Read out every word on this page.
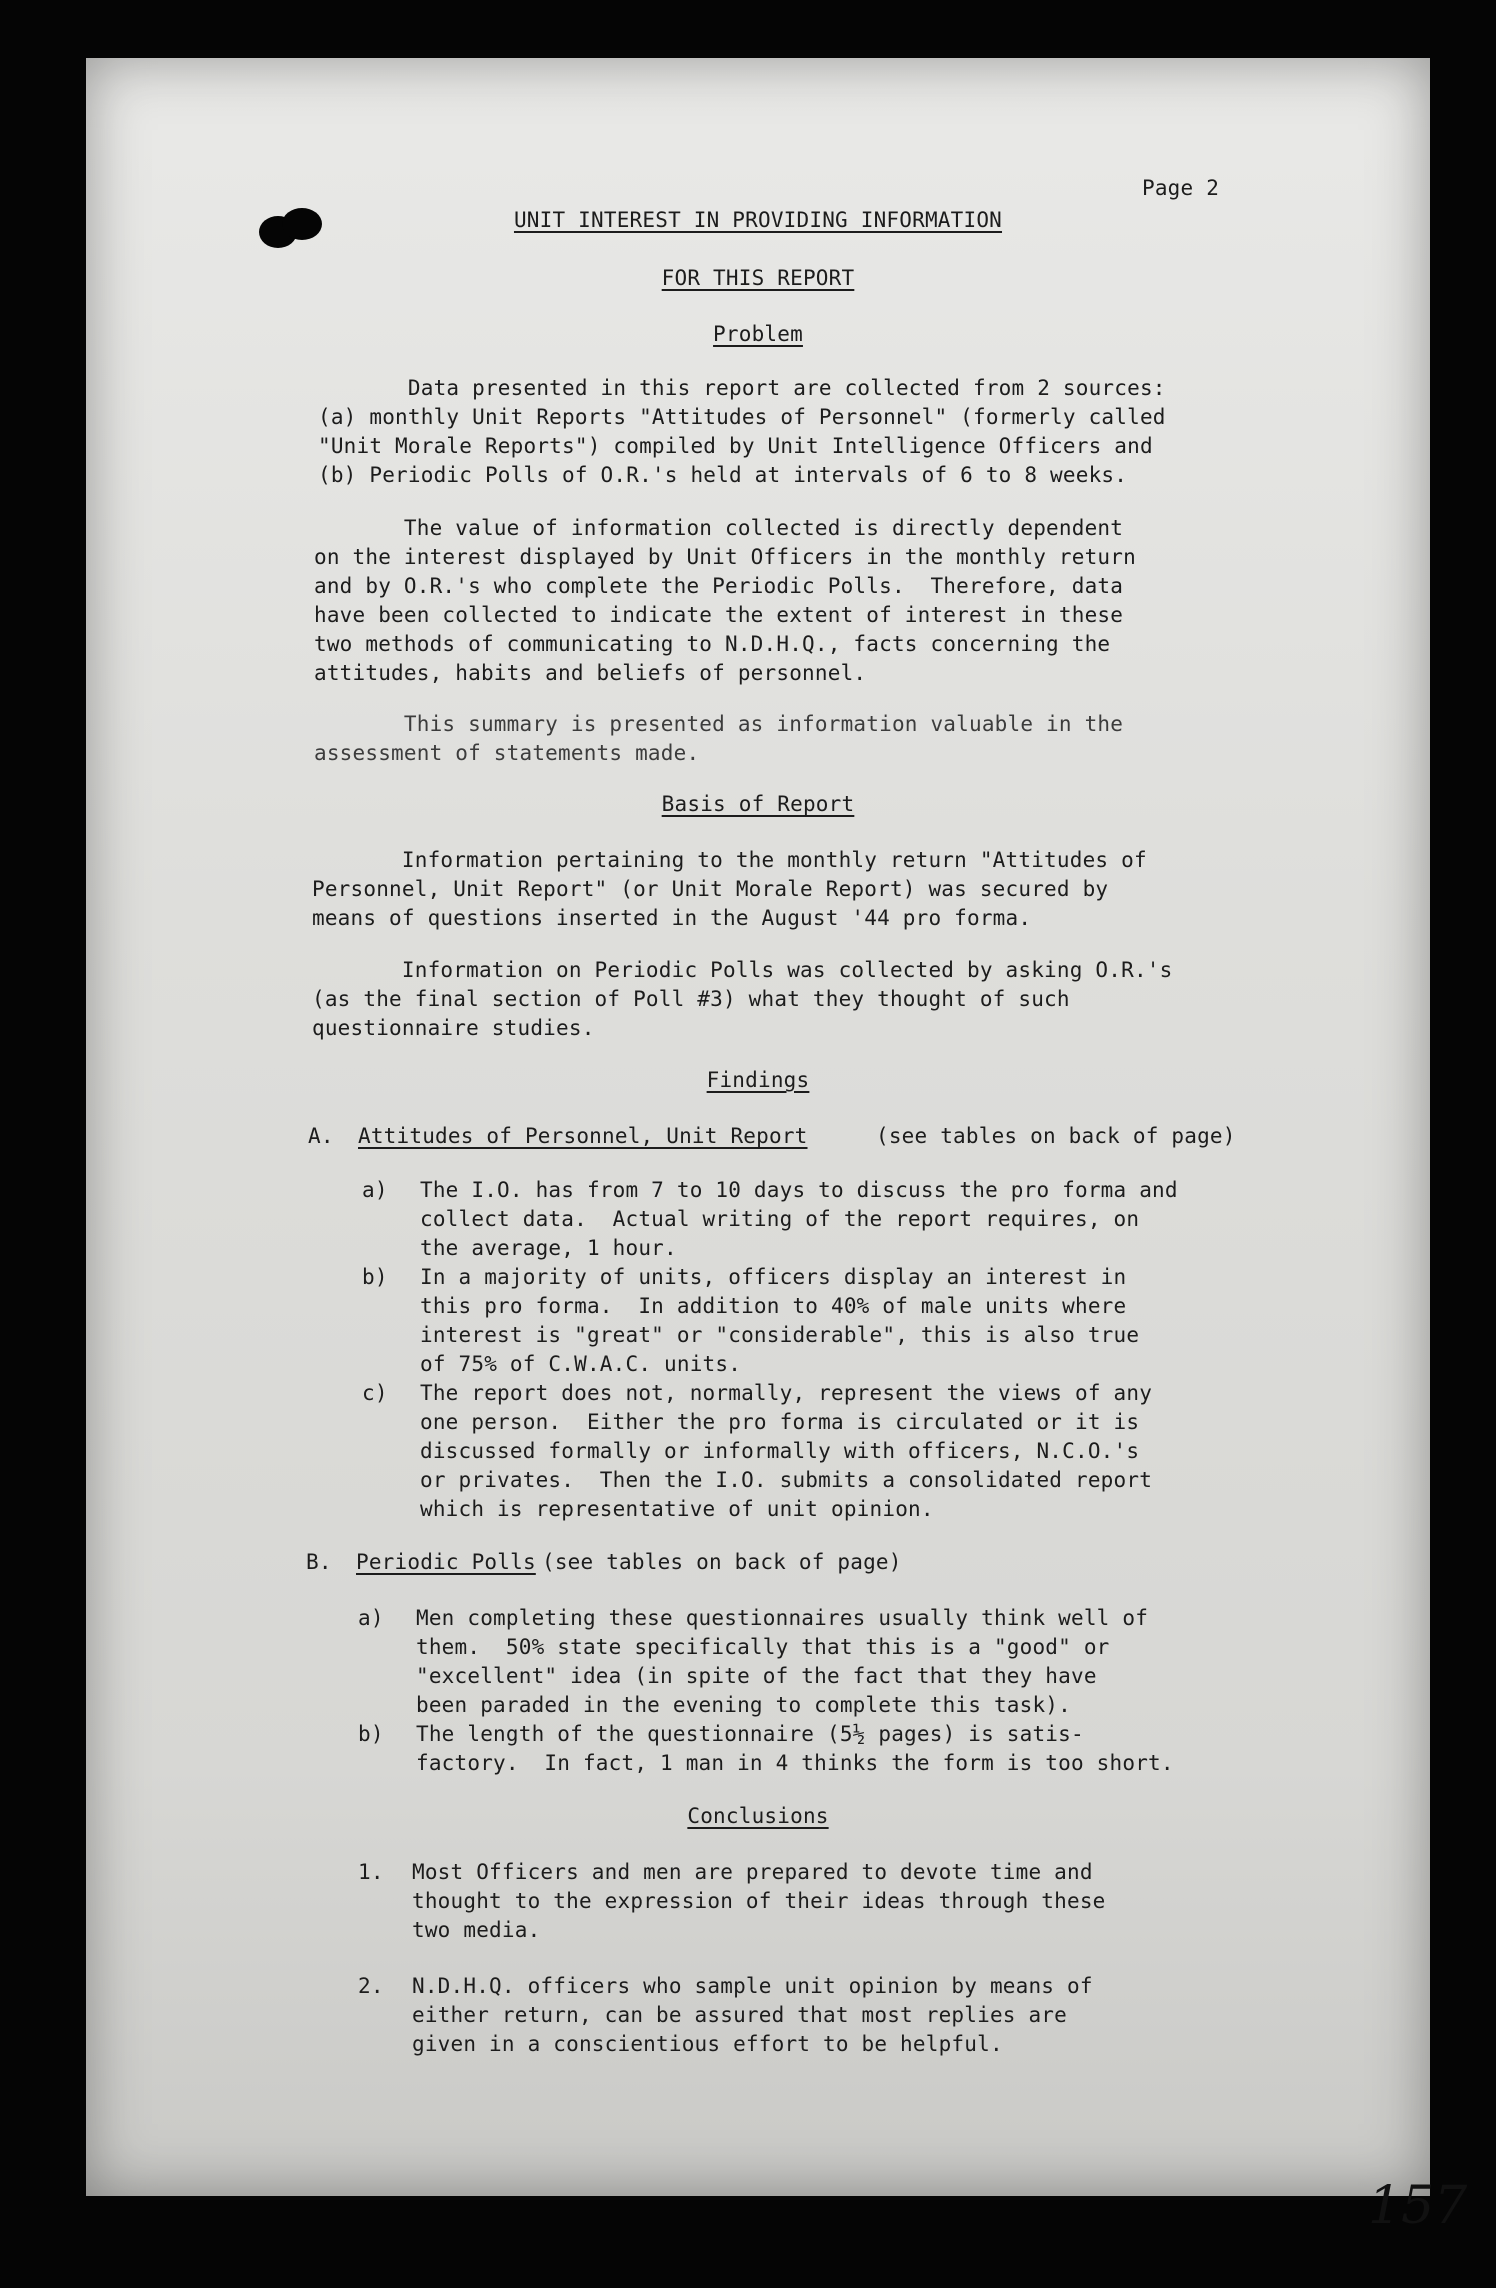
Page 2
UNIT INTEREST IN PROVIDING INFORMATION
FOR THIS REPORT
Problem
Data presented in this report are collected from 2 sources:
(a) monthly Unit Reports "Attitudes of Personnel" (formerly called
"Unit Morale Reports") compiled by Unit Intelligence Officers and
(b) Periodic Polls of O.R.'s held at intervals of 6 to 8 weeks.
The value of information collected is directly dependent
on the interest displayed by Unit Officers in the monthly return
and by O.R.'s who complete the Periodic Polls.  Therefore, data
have been collected to indicate the extent of interest in these
two methods of communicating to N.D.H.Q., facts concerning the
attitudes, habits and beliefs of personnel.
This summary is presented as information valuable in the
assessment of statements made.
Basis of Report
Information pertaining to the monthly return "Attitudes of
Personnel, Unit Report" (or Unit Morale Report) was secured by
means of questions inserted in the August '44 pro forma.
Information on Periodic Polls was collected by asking O.R.'s
(as the final section of Poll #3) what they thought of such
questionnaire studies.
Findings
A. Attitudes of Personnel, Unit Report	(see tables on back of page)
a) The I.O. has from 7 to 10 days to discuss the pro forma and
collect data.  Actual writing of the report requires, on
the average, 1 hour.
b) In a majority of units, officers display an interest in
this pro forma.  In addition to 40% of male units where
interest is "great" or "considerable", this is also true
of 75% of C.W.A.C. units.
c) The report does not, normally, represent the views of any
one person.  Either the pro forma is circulated or it is
discussed formally or informally with officers, N.C.O.'s
or privates.  Then the I.O. submits a consolidated report
which is representative of unit opinion.
B. Periodic Polls (see tables on back of page)
a) Men completing these questionnaires usually think well of
them.  50% state specifically that this is a "good" or
"excellent" idea (in spite of the fact that they have
been paraded in the evening to complete this task).
b) The length of the questionnaire (5½ pages) is satis-
factory.  In fact, 1 man in 4 thinks the form is too short.
Conclusions
1. Most Officers and men are prepared to devote time and
thought to the expression of their ideas through these
two media.
2. N.D.H.Q. officers who sample unit opinion by means of
either return, can be assured that most replies are
given in a conscientious effort to be helpful.
157
